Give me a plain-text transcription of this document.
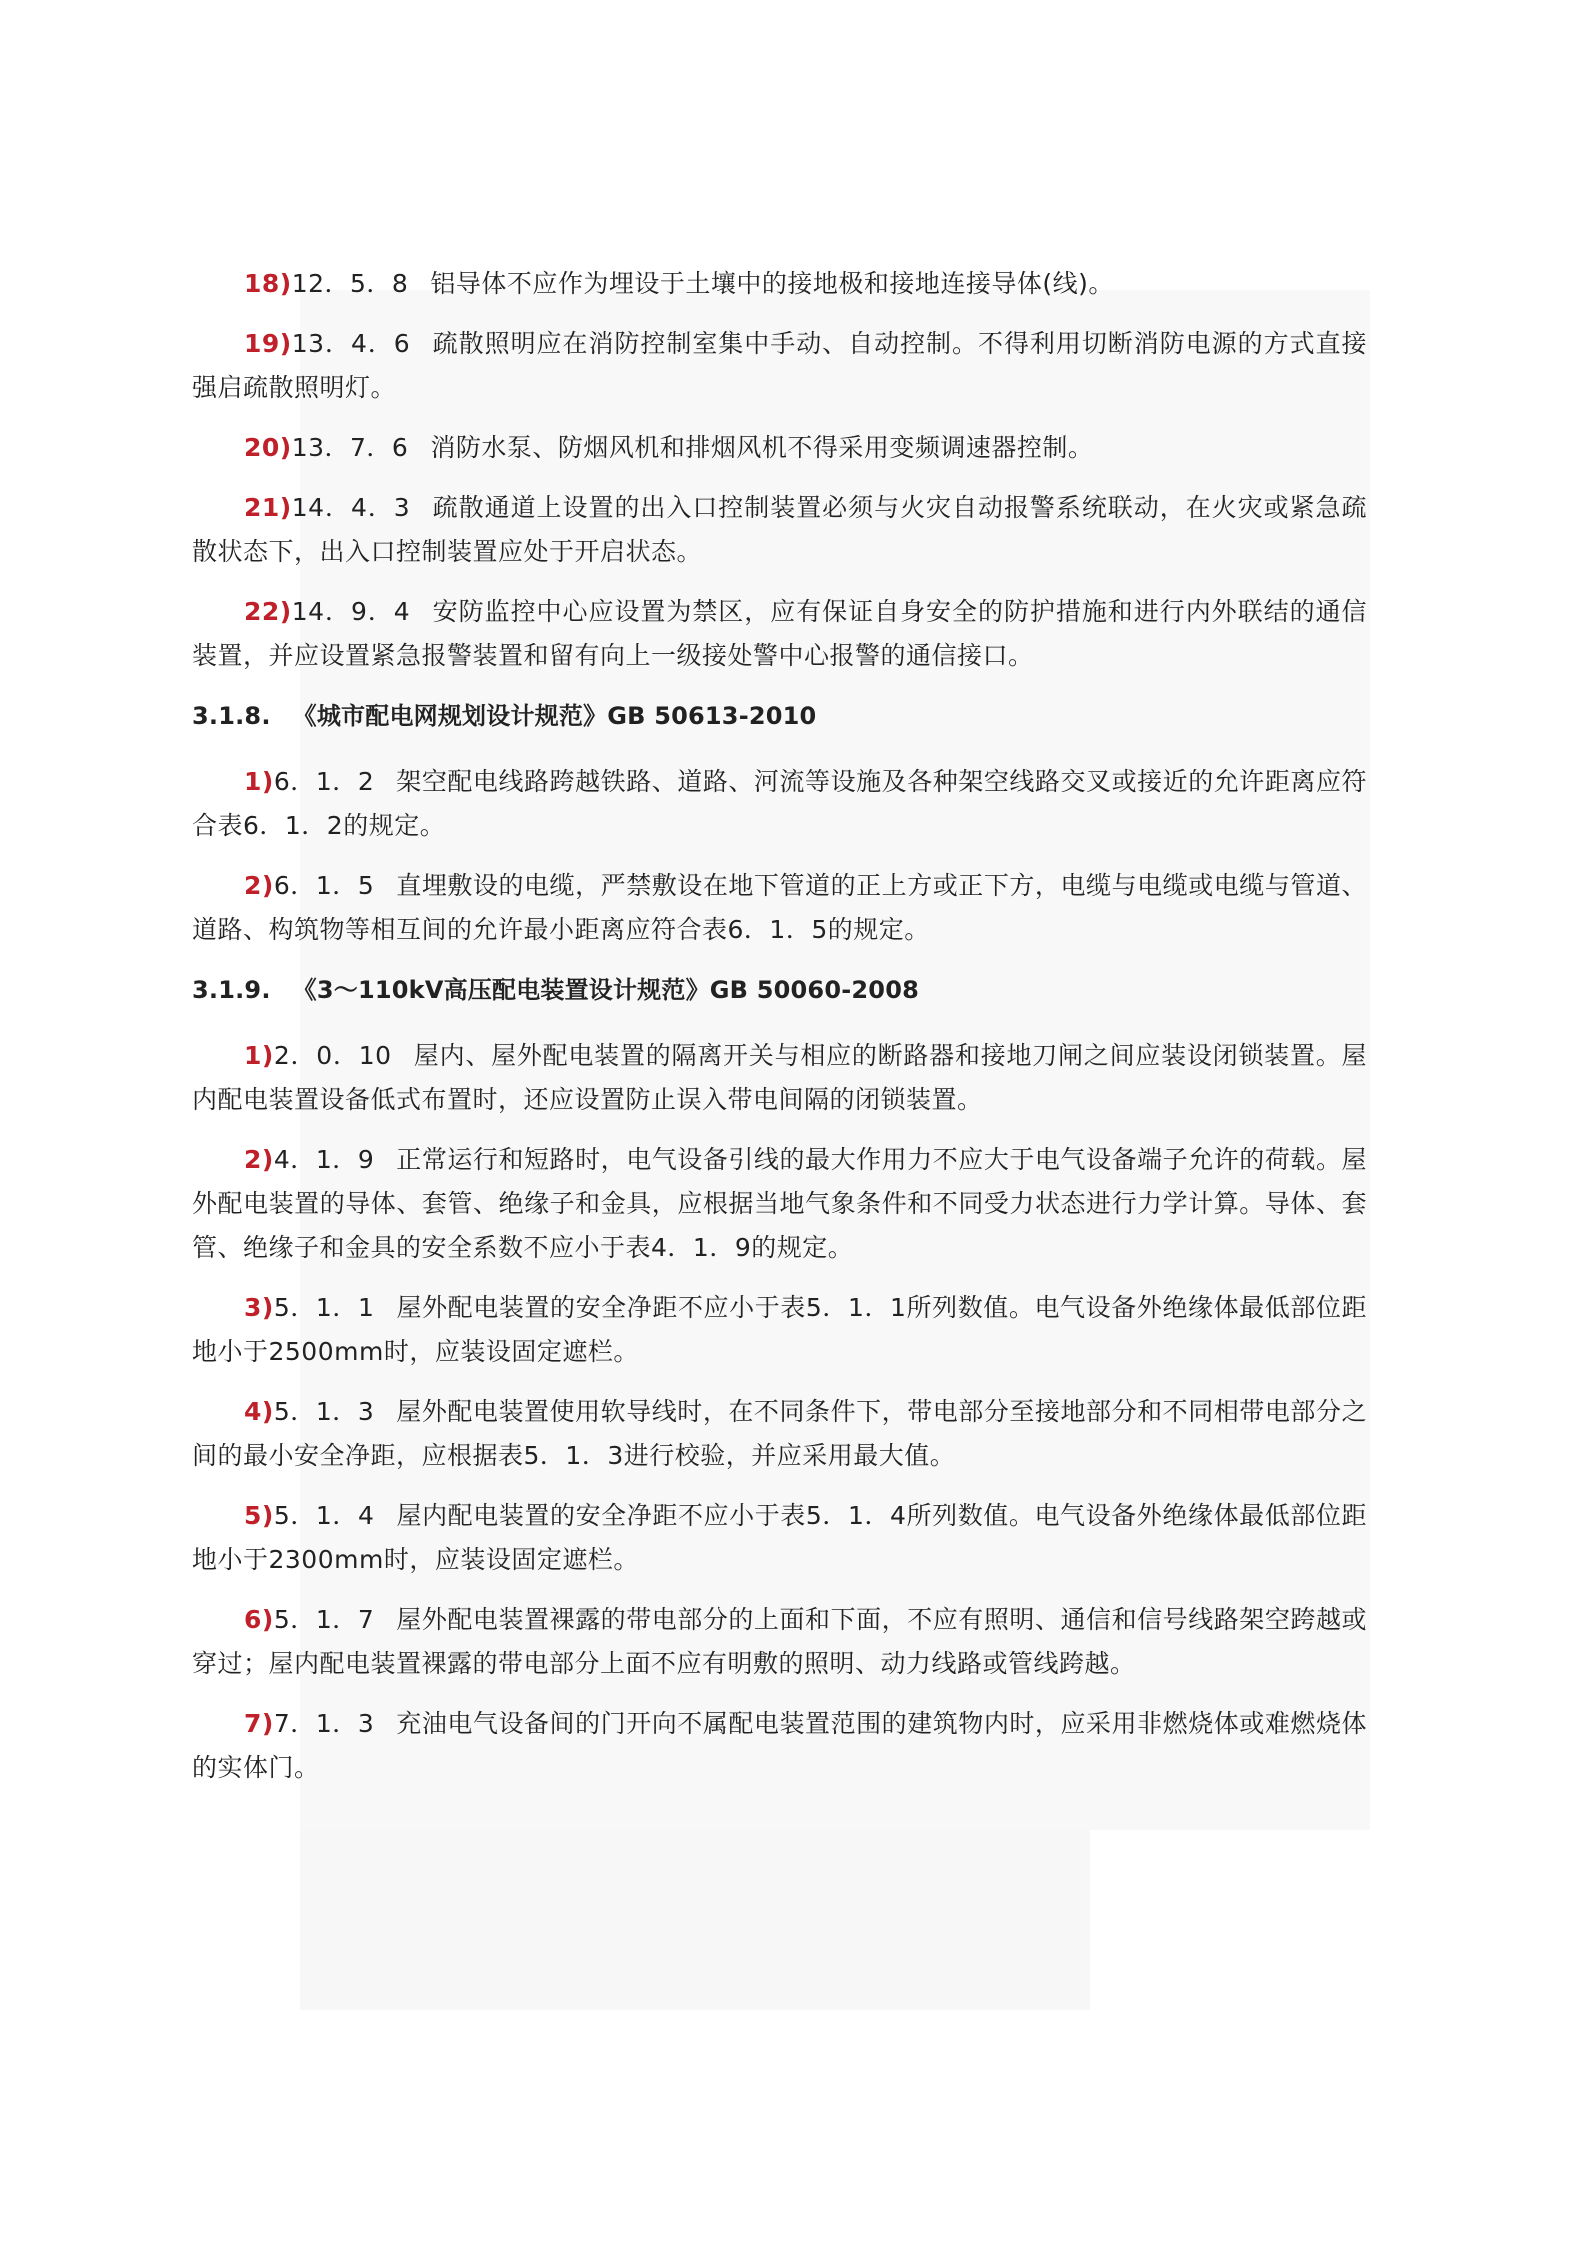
18)12．5．8 铝导体不应作为埋设于土壤中的接地极和接地连接导体(线)。

19)13．4．6 疏散照明应在消防控制室集中手动、自动控制。不得利用切断消防电源的方式直接强启疏散照明灯。

20)13．7．6 消防水泵、防烟风机和排烟风机不得采用变频调速器控制。

21)14．4．3 疏散通道上设置的出入口控制装置必须与火灾自动报警系统联动，在火灾或紧急疏散状态下，出入口控制装置应处于开启状态。

22)14．9．4 安防监控中心应设置为禁区，应有保证自身安全的防护措施和进行内外联结的通信装置，并应设置紧急报警装置和留有向上一级接处警中心报警的通信接口。

3.1.8. 《城市配电网规划设计规范》GB 50613-2010

1)6．1．2 架空配电线路跨越铁路、道路、河流等设施及各种架空线路交叉或接近的允许距离应符合表6．1．2的规定。

2)6．1．5 直埋敷设的电缆，严禁敷设在地下管道的正上方或正下方，电缆与电缆或电缆与管道、道路、构筑物等相互间的允许最小距离应符合表6．1．5的规定。

3.1.9. 《3～110kV高压配电装置设计规范》GB 50060-2008

1)2．0．10 屋内、屋外配电装置的隔离开关与相应的断路器和接地刀闸之间应装设闭锁装置。屋内配电装置设备低式布置时，还应设置防止误入带电间隔的闭锁装置。

2)4．1．9 正常运行和短路时，电气设备引线的最大作用力不应大于电气设备端子允许的荷载。屋外配电装置的导体、套管、绝缘子和金具，应根据当地气象条件和不同受力状态进行力学计算。导体、套管、绝缘子和金具的安全系数不应小于表4．1．9的规定。

3)5．1．1 屋外配电装置的安全净距不应小于表5．1．1所列数值。电气设备外绝缘体最低部位距地小于2500mm时，应装设固定遮栏。

4)5．1．3 屋外配电装置使用软导线时，在不同条件下，带电部分至接地部分和不同相带电部分之间的最小安全净距，应根据表5．1．3进行校验，并应采用最大值。

5)5．1．4 屋内配电装置的安全净距不应小于表5．1．4所列数值。电气设备外绝缘体最低部位距地小于2300mm时，应装设固定遮栏。

6)5．1．7 屋外配电装置裸露的带电部分的上面和下面，不应有照明、通信和信号线路架空跨越或穿过；屋内配电装置裸露的带电部分上面不应有明敷的照明、动力线路或管线跨越。

7)7．1．3 充油电气设备间的门开向不属配电装置范围的建筑物内时，应采用非燃烧体或难燃烧体的实体门。
